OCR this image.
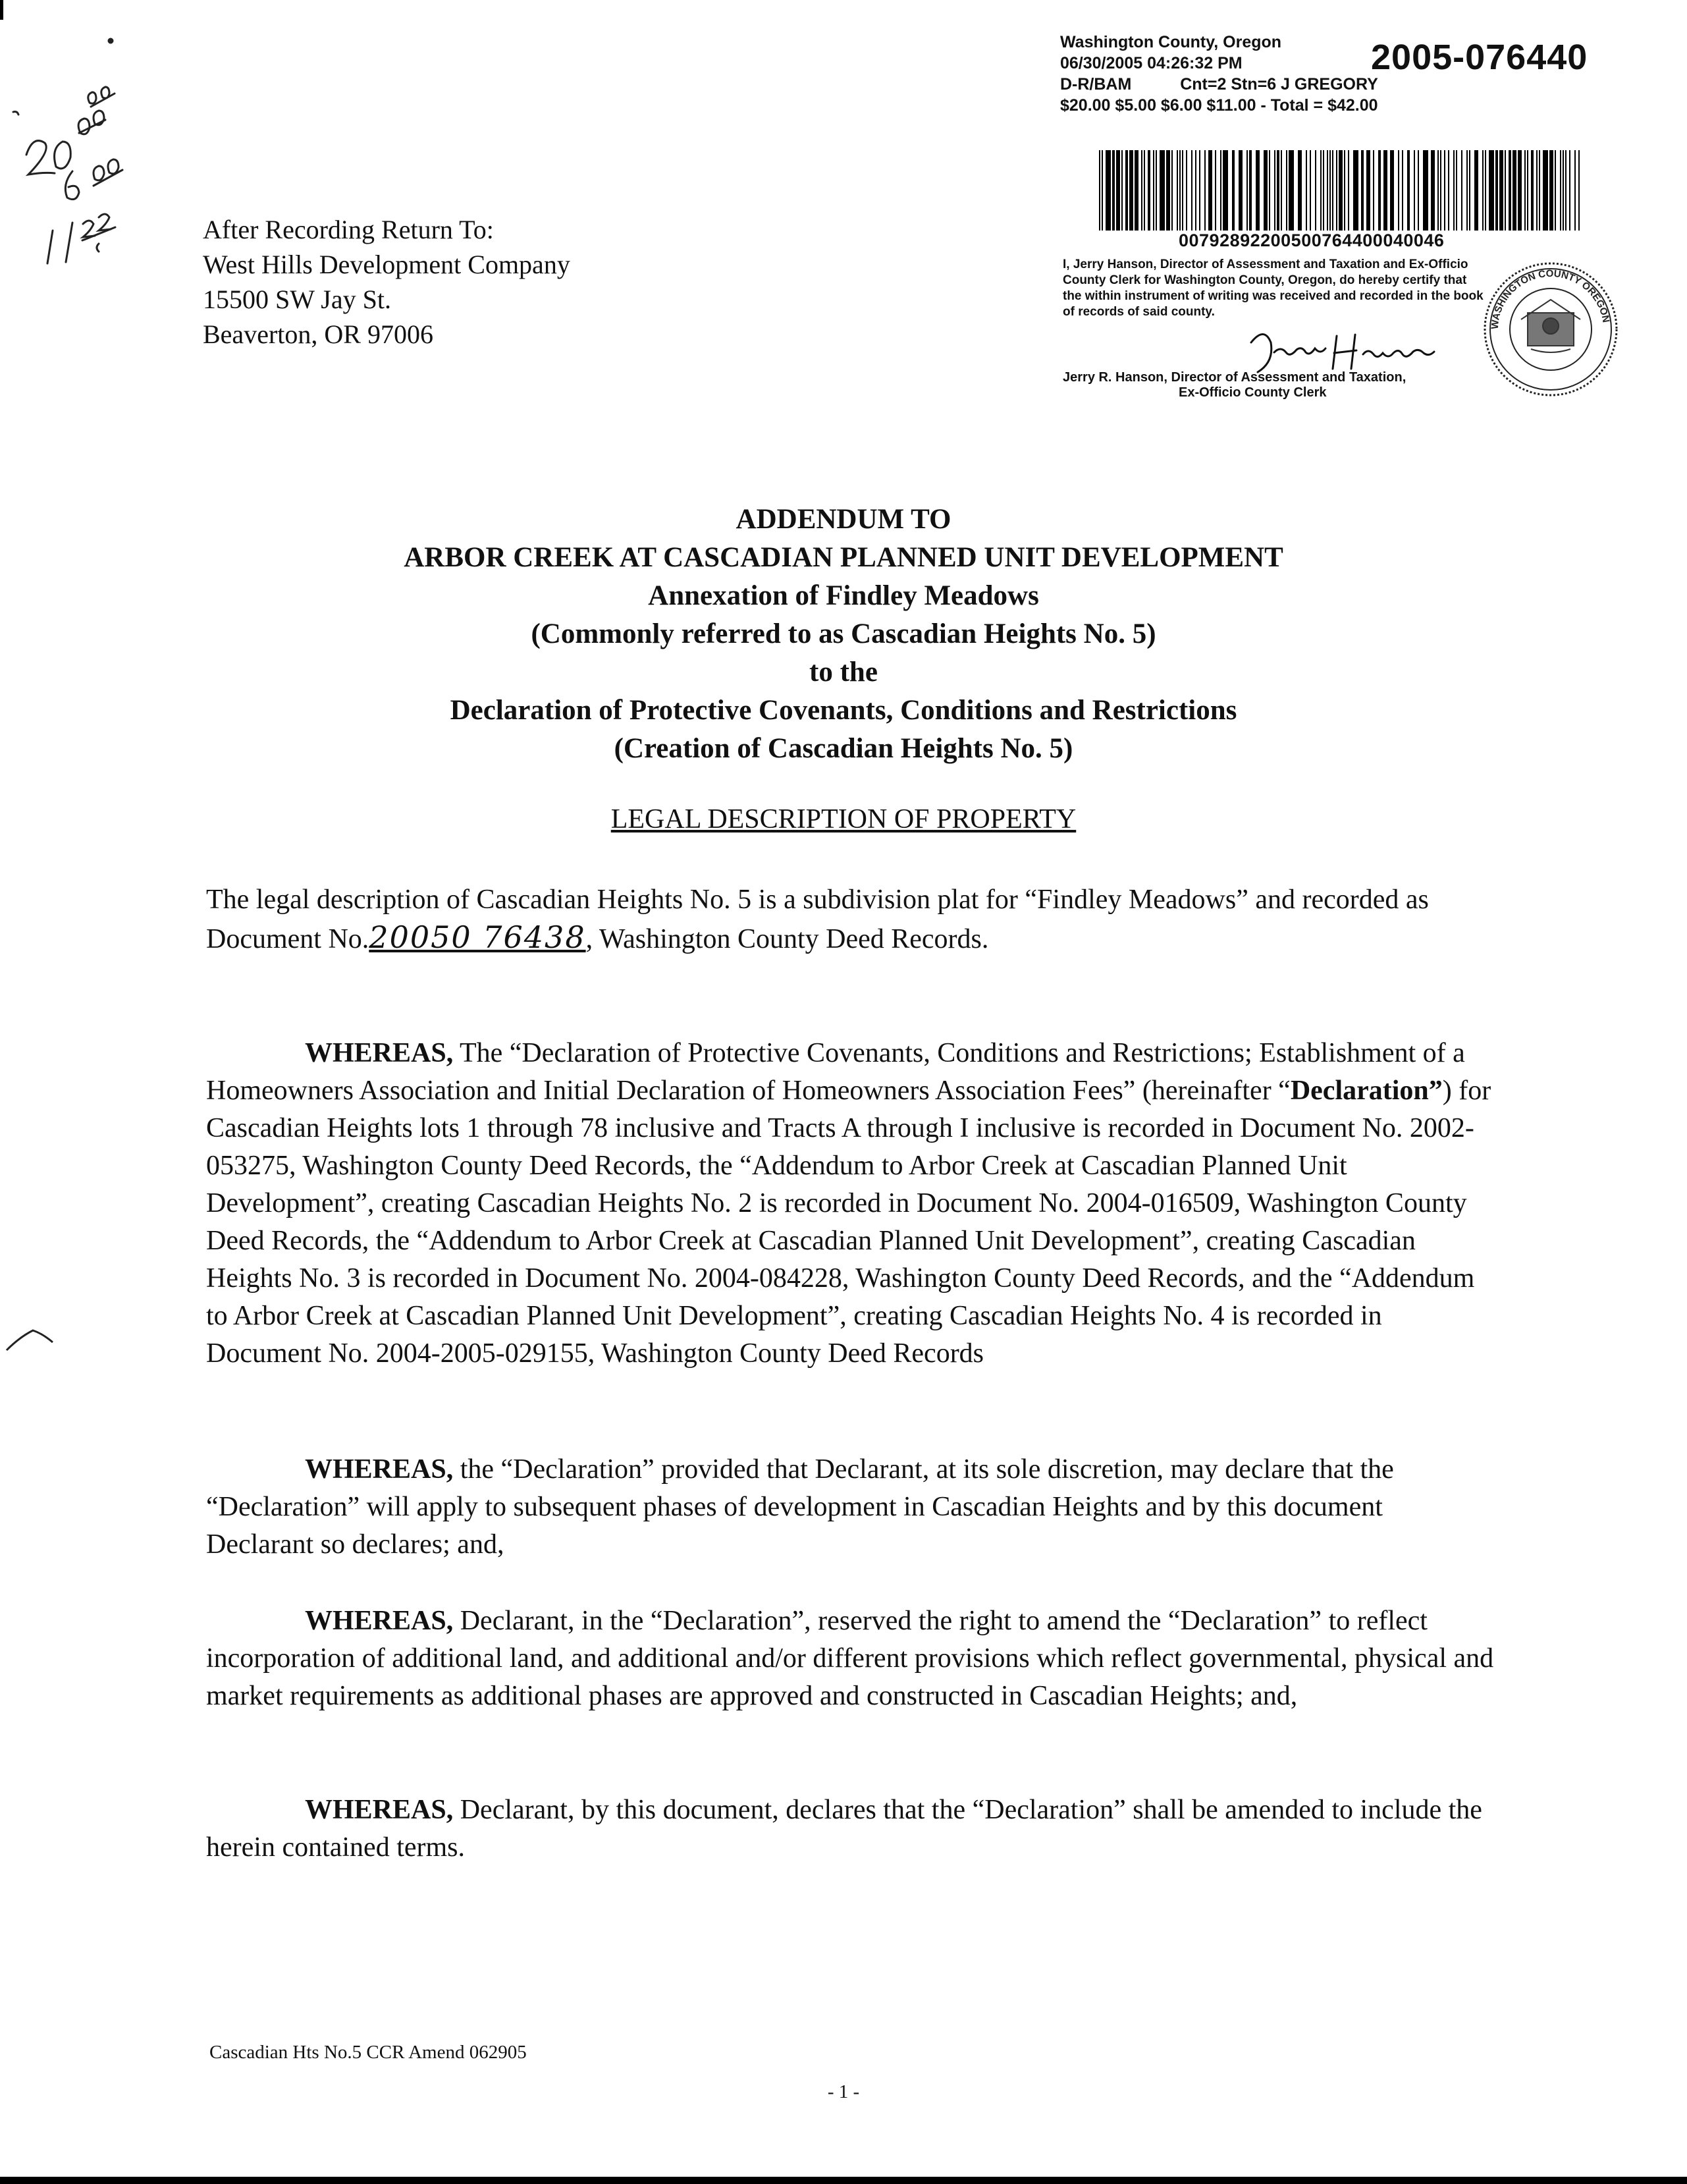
Washington County, Oregon
06/30/2005 04:26:32 PM
D-R/BAM	Cnt=2 Stn=6 J GREGORY
$20.00 $5.00 $6.00 $11.00 - Total = $42.00
2005-076440
00792892200500764400040046
I, Jerry Hanson, Director of Assessment and Taxation and Ex-Officio County Clerk for Washington County, Oregon, do hereby certify that the within instrument of writing was received and recorded in the book of records of said county.
Jerry R. Hanson, Director of Assessment and Taxation,
Ex-Officio County Clerk
WASHINGTON COUNTY OREGON
After Recording Return To:
West Hills Development Company
15500 SW Jay St.
Beaverton, OR 97006
ADDENDUM TO
ARBOR CREEK AT CASCADIAN PLANNED UNIT DEVELOPMENT
Annexation of Findley Meadows
(Commonly referred to as Cascadian Heights No. 5)
to the
Declaration of Protective Covenants, Conditions and Restrictions
(Creation of Cascadian Heights No. 5)
LEGAL DESCRIPTION OF PROPERTY
The legal description of Cascadian Heights No. 5 is a subdivision plat for “Findley Meadows” and recorded as Document No.20050 76438, Washington County Deed Records.
WHEREAS, The “Declaration of Protective Covenants, Conditions and Restrictions; Establishment of a Homeowners Association and Initial Declaration of Homeowners Association Fees” (hereinafter “Declaration”) for Cascadian Heights lots 1 through 78 inclusive and Tracts A through I inclusive is recorded in Document No. 2002-053275, Washington County Deed Records, the “Addendum to Arbor Creek at Cascadian Planned Unit Development”, creating Cascadian Heights No. 2 is recorded in Document No. 2004-016509, Washington County Deed Records, the “Addendum to Arbor Creek at Cascadian Planned Unit Development”, creating Cascadian Heights No. 3 is recorded in Document No. 2004-084228, Washington County Deed Records, and the “Addendum to Arbor Creek at Cascadian Planned Unit Development”, creating Cascadian Heights No. 4 is recorded in Document No. 2004-2005-029155, Washington County Deed Records
WHEREAS, the “Declaration” provided that Declarant, at its sole discretion, may declare that the “Declaration” will apply to subsequent phases of development in Cascadian Heights and by this document Declarant so declares; and,
WHEREAS, Declarant, in the “Declaration”, reserved the right to amend the “Declaration” to reflect incorporation of additional land, and additional and/or different provisions which reflect governmental, physical and market requirements as additional phases are approved and constructed in Cascadian Heights; and,
WHEREAS, Declarant, by this document, declares that the “Declaration” shall be amended to include the herein contained terms.
Cascadian Hts No.5 CCR Amend 062905
- 1 -
